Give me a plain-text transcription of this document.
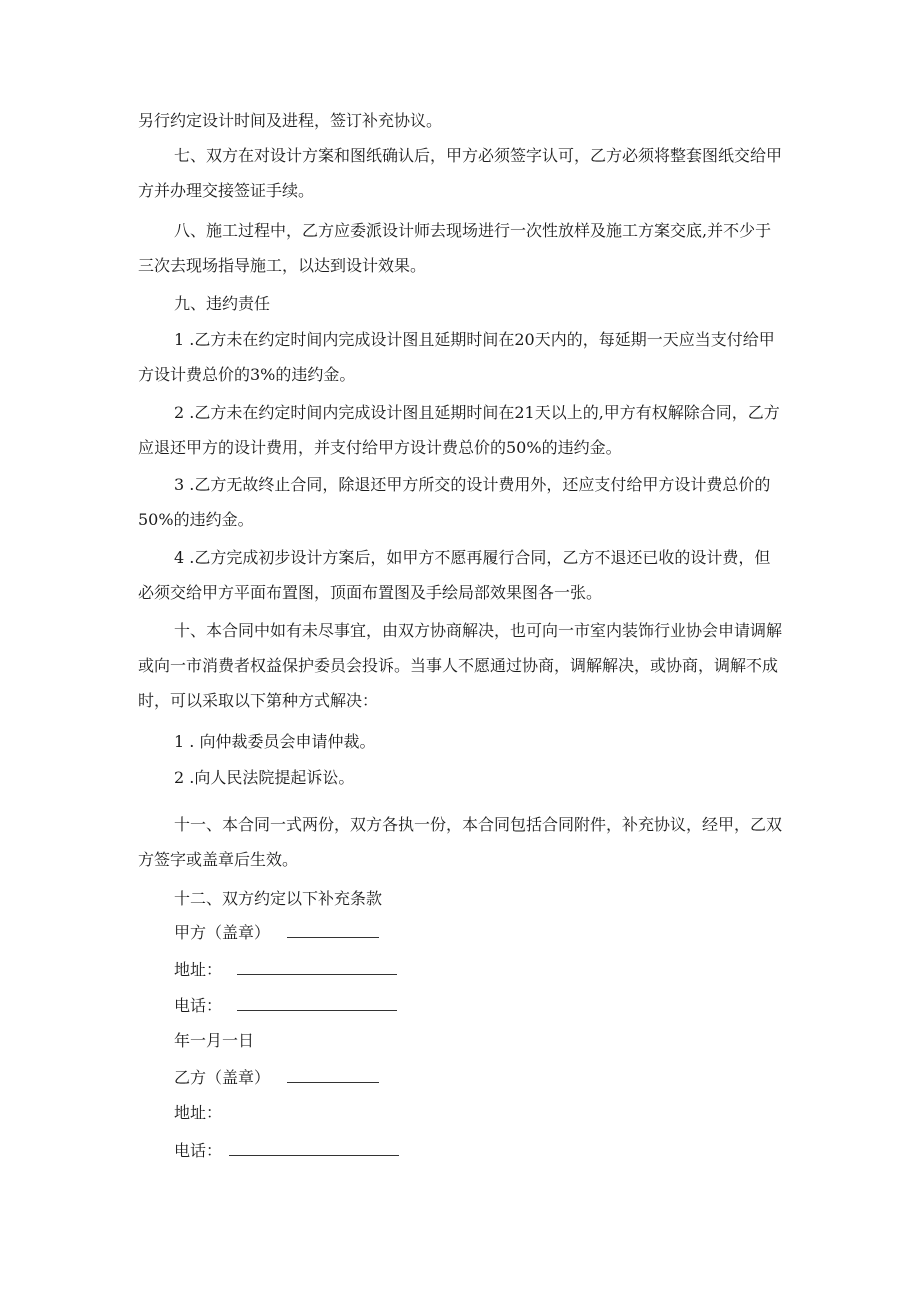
另行约定设计时间及进程，签订补充协议。

七、双方在对设计方案和图纸确认后，甲方必须签字认可，乙方必须将整套图纸交给甲方并办理交接签证手续。

八、施工过程中，乙方应委派设计师去现场进行一次性放样及施工方案交底,并不少于三次去现场指导施工，以达到设计效果。

九、违约责任

1 .乙方未在约定时间内完成设计图且延期时间在20天内的，每延期一天应当支付给甲方设计费总价的3%的违约金。

2 .乙方未在约定时间内完成设计图且延期时间在21天以上的,甲方有权解除合同，乙方应退还甲方的设计费用，并支付给甲方设计费总价的50%的违约金。

3 .乙方无故终止合同，除退还甲方所交的设计费用外，还应支付给甲方设计费总价的50%的违约金。

4 .乙方完成初步设计方案后，如甲方不愿再履行合同，乙方不退还已收的设计费，但必须交给甲方平面布置图，顶面布置图及手绘局部效果图各一张。

十、本合同中如有未尽事宜，由双方协商解决，也可向一市室内装饰行业协会申请调解或向一市消费者权益保护委员会投诉。当事人不愿通过协商，调解解决，或协商，调解不成时，可以采取以下第种方式解决：

1 . 向仲裁委员会申请仲裁。

2 .向人民法院提起诉讼。

十一、本合同一式两份，双方各执一份，本合同包括合同附件，补充协议，经甲，乙双方签字或盖章后生效。

十二、双方约定以下补充条款

甲方（盖章）
地址：
电话：
年一月一日
乙方（盖章）
地址：
电话：
